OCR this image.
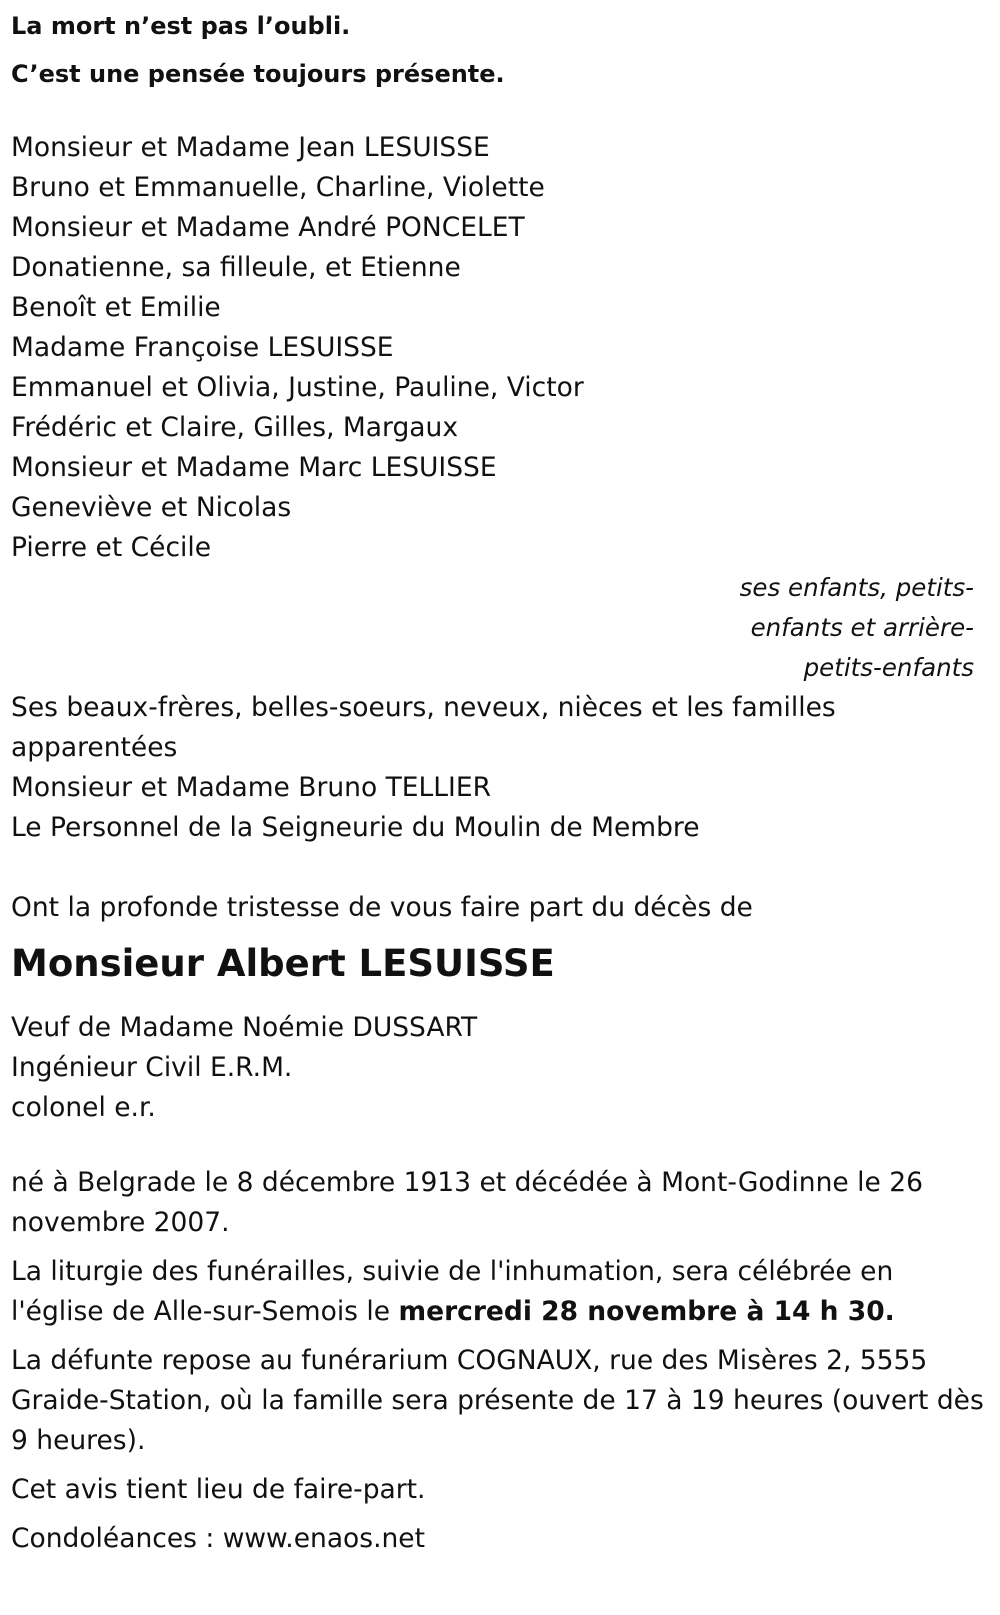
La mort n’est pas l’oubli.
C’est une pensée toujours présente.
Monsieur et Madame Jean LESUISSE
Bruno et Emmanuelle, Charline, Violette
Monsieur et Madame André PONCELET
Donatienne, sa filleule, et Etienne
Benoît et Emilie
Madame Françoise LESUISSE
Emmanuel et Olivia, Justine, Pauline, Victor
Frédéric et Claire, Gilles, Margaux
Monsieur et Madame Marc LESUISSE
Geneviève et Nicolas
Pierre et Cécile
ses enfants, petits-
enfants et arrière-
petits-enfants
Ses beaux-frères, belles-soeurs, neveux, nièces et les familles apparentées
Monsieur et Madame Bruno TELLIER
Le Personnel de la Seigneurie du Moulin de Membre
Ont la profonde tristesse de vous faire part du décès de
Monsieur Albert LESUISSE
Veuf de Madame Noémie DUSSART
Ingénieur Civil E.R.M.
colonel e.r.
né à Belgrade le 8 décembre 1913 et décédée à Mont-Godinne le 26 novembre 2007.
La liturgie des funérailles, suivie de l'inhumation, sera célébrée en l'église de Alle-sur-Semois le mercredi 28 novembre à 14 h 30.
La défunte repose au funérarium COGNAUX, rue des Misères 2, 5555 Graide-Station, où la famille sera présente de 17 à 19 heures (ouvert dès 9 heures).
Cet avis tient lieu de faire-part.
Condoléances : www.enaos.net
